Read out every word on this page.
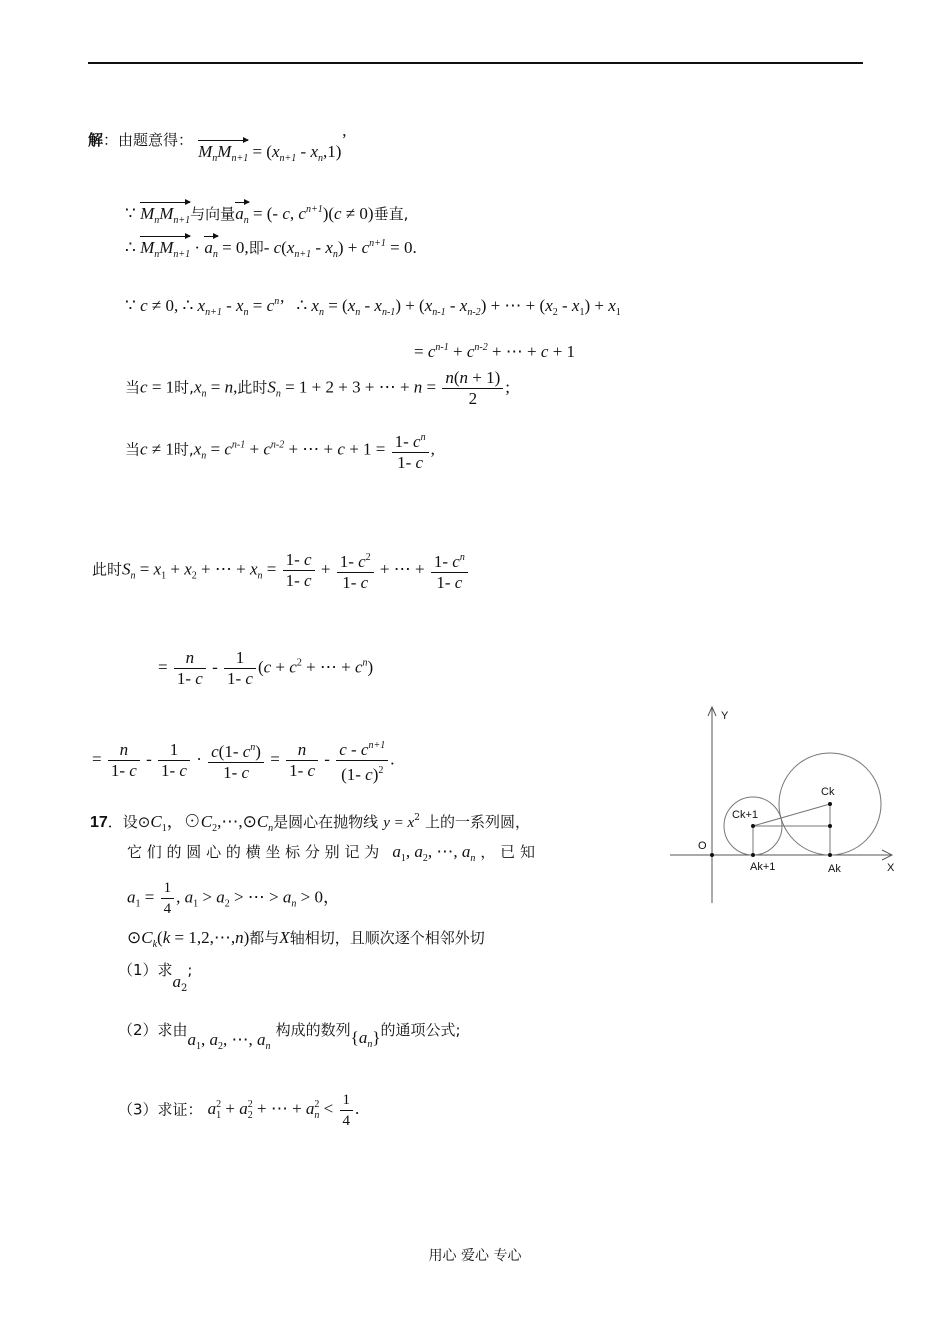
解：由题意得： $M_nM_{n+1} = (x_{n+1} - x_n,1)$’
∵ $M_nM_{n+1}$与向量$a_n$ = (- c, $c^{n+1})(c \ne 0)$垂直,
∴ $M_nM_{n+1} \cdot a_n = 0$,即- $c(x_{n+1} - x_n) + c^{n+1} = 0$.
∵ c ≠ 0, ∴ $x_{n+1} - x_n = c^n$’   ∴ $x_n = (x_n - x_{n-1}) + (x_{n-1} - x_{n-2})$ + ⋯ + $(x_2 - x_1) + x_1$
= $c^{n-1} + c^{n-2}$ + ⋯ + c + 1
当c = 1时$,x_n = n$,此时$S_n = 1 + 2 + 3$ + ⋯ + $n = \frac{n(n + 1)}{2}$ ;
当c ≠ 1时$,x_n = c^{n-1} + c^{n-2}$ + ⋯ + $c + 1 = \frac{1- c^n}{1- c}$ ,
此时$S_n = x_1 + x_2$ + ⋯ + $x_n = \frac{1- c}{1- c} + \frac{1- c^2}{1- c}$ + ⋯ + $\frac{1- c^n}{1- c}$
= $\frac{n}{1- c} - \frac{1}{1- c} (c + c^2$ + ⋯ + $c^n$)
= $\frac{n}{1- c} - \frac{1}{1- c} \cdot \frac{c(1- c^n)}{1- c} = \frac{n}{1- c} - \frac{c - c^{n+1}}{(1- c)^2}$ .
17．设$⊙C_1$，$⊙C_2,\cdots,⊙C_n$是圆心在抛物线 $y = x^2$ 上的一系列圆，
它 们 的 圆 心 的 横 坐 标 分 别 记 为 $a_1$, $a_2$, ⋯, $a_n$ ， 已 知
$a_1 = \frac{1}{4}$ , $a_1 > a_2$ > ⋯ > $a_n > 0$，
$⊙C_k(k$ = 1,2,⋯,n)都与X轴相切，且顺次逐个相邻外切
（1）求$a_2$;
（2）求由$a_1$, $a_2$, ⋯, $a_n$ 构成的数列$\{a_n\}$的通项公式;
（3）求证： $a_1^2 + a_2^2$ + ⋯ + $a_n^2 < \frac{1}{4}$ .
Y
X
O
Ck
Ck+1
Ak
Ak+1
用心 爱心 专心
